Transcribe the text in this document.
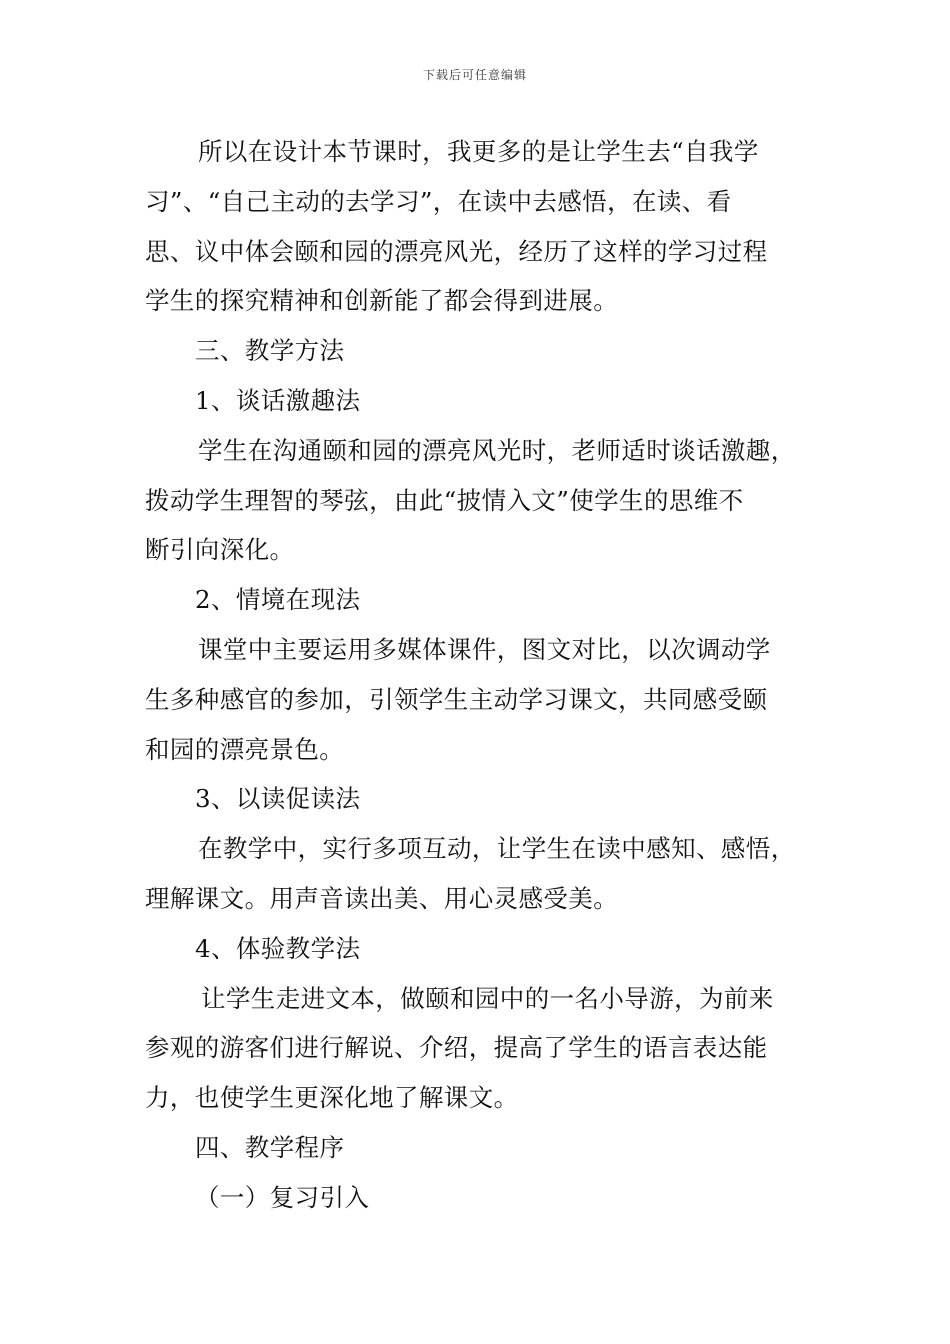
下载后可任意编辑
所以在设计本节课时，我更多的是让学生去“自我学
习”、“自己主动的去学习”，在读中去感悟，在读、看
思、议中体会颐和园的漂亮风光，经历了这样的学习过程
学生的探究精神和创新能了都会得到进展。
三、教学方法
1、谈话激趣法
学生在沟通颐和园的漂亮风光时，老师适时谈话激趣，
拨动学生理智的琴弦，由此“披情入文”使学生的思维不
断引向深化。
2、情境在现法
课堂中主要运用多媒体课件，图文对比，以次调动学
生多种感官的参加，引领学生主动学习课文，共同感受颐
和园的漂亮景色。
3、以读促读法
在教学中，实行多项互动，让学生在读中感知、感悟，
理解课文。用声音读出美、用心灵感受美。
4、体验教学法
让学生走进文本，做颐和园中的一名小导游，为前来
参观的游客们进行解说、介绍，提高了学生的语言表达能
力，也使学生更深化地了解课文。
四、教学程序
（一）复习引入
